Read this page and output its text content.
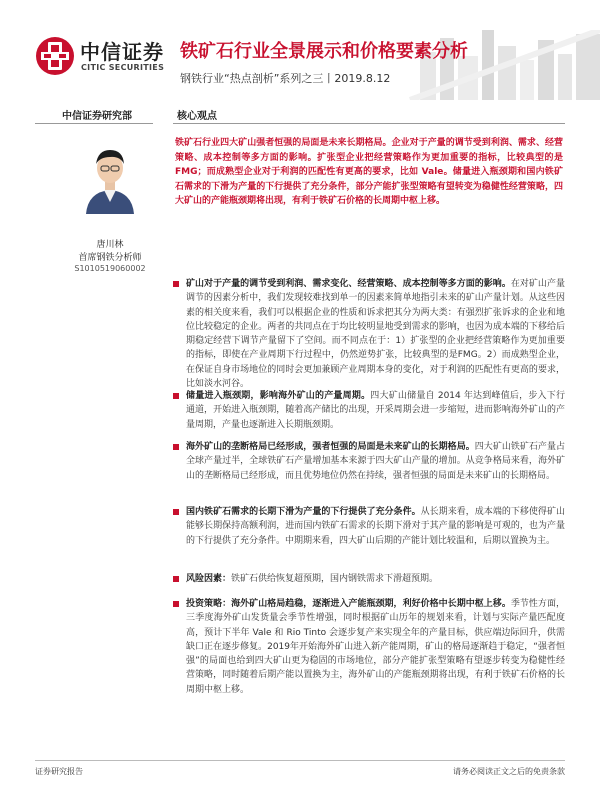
中信证券
CITIC SECURITIES
铁矿石行业全景展示和价格要素分析
钢铁行业“热点剖析”系列之三丨2019.8.12
中信证券研究部	核心观点
唐川林
首席钢铁分析师
S1010519060002

铁矿石行业四大矿山强者恒强的局面是未来长期格局。企业对于产量的调节受到利润、需求、经营策略、成本控制等多方面的影响。扩张型企业把经营策略作为更加重要的指标，比较典型的是 FMG；而成熟型企业对于利润的匹配性有更高的要求，比如 Vale。储量进入瓶颈期和国内铁矿石需求的下滑为产量的下行提供了充分条件，部分产能扩张型策略有望转变为稳健性经营策略，四大矿山的产能瓶颈期将出现，有利于铁矿石价格的长周期中枢上移。

矿山对于产量的调节受到利润、需求变化、经营策略、成本控制等多方面的影响。在对矿山产量调节的因素分析中，我们发现较难找到单一的因素来简单地指引未来的矿山产量计划。从这些因素的相关度来看，我们可以根据企业的性质和诉求把其分为两大类：有强烈扩张诉求的企业和地位比较稳定的企业。两者的共同点在于均比较明显地受到需求的影响，也因为成本端的下移给后期稳定经营下调节产量留下了空间。而不同点在于：1）扩张型的企业把经营策略作为更加重要的指标，即使在产业周期下行过程中，仍然逆势扩张，比较典型的是FMG。2）而成熟型企业，在保证自身市场地位的同时会更加兼顾产业周期本身的变化，对于利润的匹配性有更高的要求，比如淡水河谷。

储量进入瓶颈期，影响海外矿山的产量周期。四大矿山储量自 2014 年达到峰值后，步入下行通道，开始进入瓶颈期，随着高产储比的出现，开采周期会进一步缩短，进而影响海外矿山的产量周期，产量也逐渐进入长期瓶颈期。

海外矿山的垄断格局已经形成，强者恒强的局面是未来矿山的长期格局。四大矿山铁矿石产量占全球产量过半，全球铁矿石产量增加基本来源于四大矿山产量的增加。从竞争格局来看，海外矿山的垄断格局已经形成，而且优势地位仍然在持续，强者恒强的局面是未来矿山的长期格局。

国内铁矿石需求的长期下滑为产量的下行提供了充分条件。从长期来看，成本端的下移使得矿山能够长期保持高额利润，进而国内铁矿石需求的长期下滑对于其产量的影响是可观的，也为产量的下行提供了充分条件。中期期来看，四大矿山后期的产能计划比较温和，后期以置换为主。

风险因素：铁矿石供给恢复超预期，国内钢铁需求下滑超预期。

投资策略：海外矿山格局趋稳，逐渐进入产能瓶颈期，利好价格中长期中枢上移。季节性方面，三季度海外矿山发货量会季节性增强，同时根据矿山历年的规划来看，计划与实际产量匹配度高，预计下半年 Vale 和 Rio Tinto 会逐步复产来实现全年的产量目标，供应端边际回升，供需缺口正在逐步修复。2019年开始海外矿山进入新产能周期，矿山的格局逐渐趋于稳定，“强者恒强”的局面也给到四大矿山更为稳固的市场地位，部分产能扩张型策略有望逐步转变为稳健性经营策略，同时随着后期产能以置换为主，海外矿山的产能瓶颈期将出现，有利于铁矿石价格的长周期中枢上移。

证券研究报告	请务必阅读正文之后的免责条款
